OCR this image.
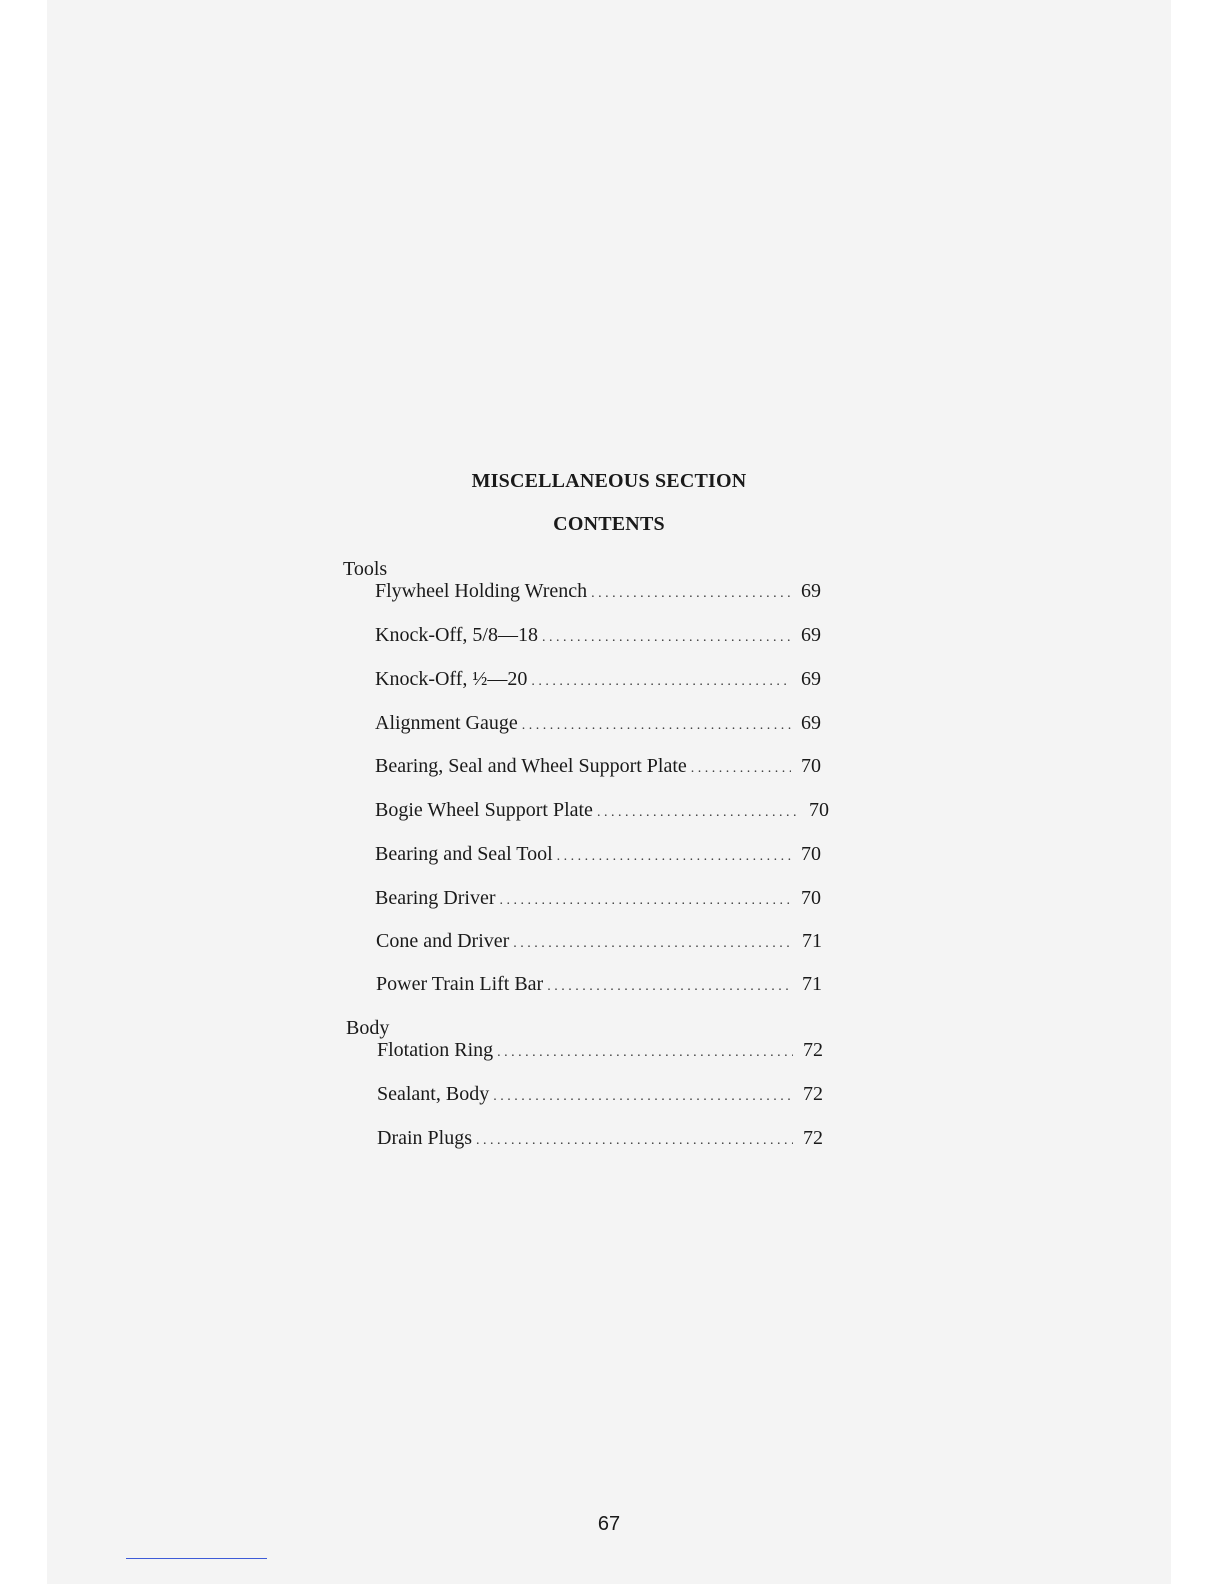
MISCELLANEOUS SECTION
CONTENTS
Tools
Flywheel Holding Wrench . . .	69
Knock-Off, 5/8—18 . . .	69
Knock-Off, ½—20 . . .	69
Alignment Gauge . . .	69
Bearing, Seal and Wheel Support Plate . . .	70
Bogie Wheel Support Plate . . .	70
Bearing and Seal Tool . . .	70
Bearing Driver . . .	70
Cone and Driver . . .	71
Power Train Lift Bar . . .	71
Body
Flotation Ring . . .	72
Sealant, Body . . .	72
Drain Plugs . . .	72
67
